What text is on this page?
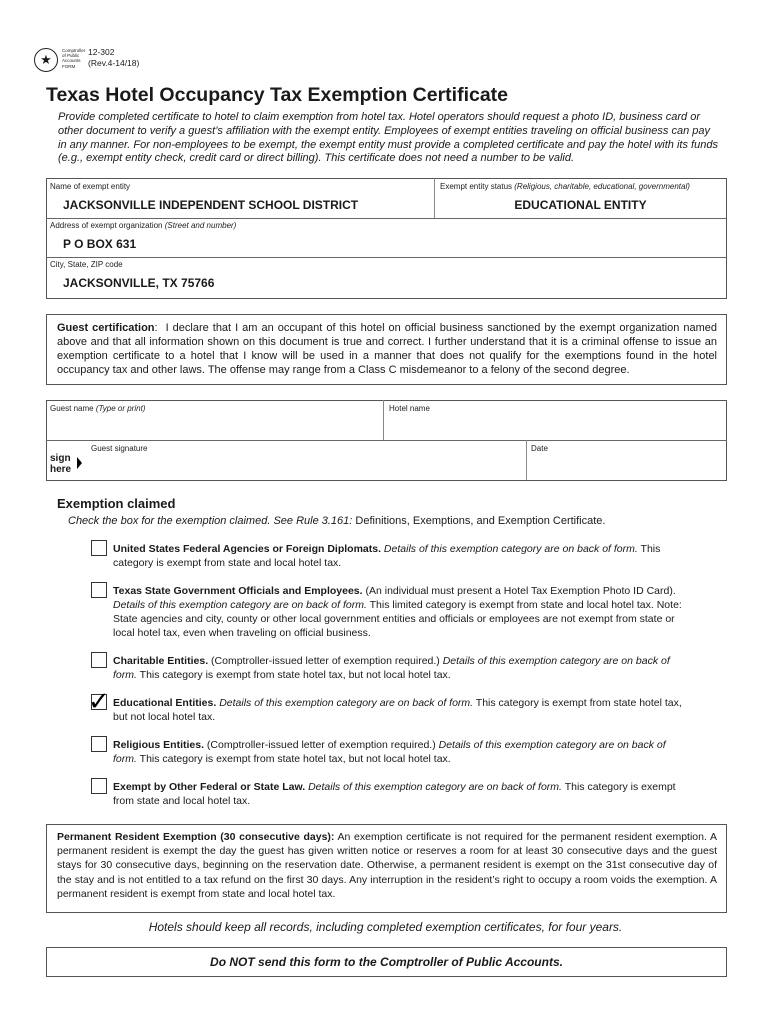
★
Comptroller of Public Accounts FORM
12-302
(Rev.4-14/18)
Texas Hotel Occupancy Tax Exemption Certificate
Provide completed certificate to hotel to claim exemption from hotel tax. Hotel operators should request a photo ID, business card or other document to verify a guest’s affiliation with the exempt entity. Employees of exempt entities traveling on official business can pay in any manner. For non-employees to be exempt, the exempt entity must provide a completed certificate and pay the hotel with its funds (e.g., exempt entity check, credit card or direct billing). This certificate does not need a number to be valid.
Name of exempt entity
JACKSONVILLE INDEPENDENT SCHOOL DISTRICT
Exempt entity status (Religious, charitable, educational, governmental)
EDUCATIONAL ENTITY
Address of exempt organization (Street and number)
P O BOX 631
City, State, ZIP code
JACKSONVILLE, TX 75766
Guest certification:  I declare that I am an occupant of this hotel on official business sanctioned by the exempt organization named above and that all information shown on this document is true and correct. I further understand that it is a criminal offense to issue an exemption certificate to a hotel that I know will be used in a manner that does not qualify for the exemptions found in the hotel occupancy tax and other laws. The offense may range from a Class C misdemeanor to a felony of the second degree.
Guest name (Type or print)	Hotel name
Guest signature	Date
sign
here
Exemption claimed
Check the box for the exemption claimed. See Rule 3.161: Definitions, Exemptions, and Exemption Certificate.
United States Federal Agencies or Foreign Diplomats. Details of this exemption category are on back of form. This category is exempt from state and local hotel tax.
Texas State Government Officials and Employees. (An individual must present a Hotel Tax Exemption Photo ID Card). Details of this exemption category are on back of form. This limited category is exempt from state and local hotel tax. Note: State agencies and city, county or other local government entities and officials or employees are not exempt from state or local hotel tax, even when traveling on official business.
Charitable Entities. (Comptroller-issued letter of exemption required.) Details of this exemption category are on back of form. This category is exempt from state hotel tax, but not local hotel tax.
✓ Educational Entities. Details of this exemption category are on back of form. This category is exempt from state hotel tax, but not local hotel tax.
Religious Entities. (Comptroller-issued letter of exemption required.) Details of this exemption category are on back of form. This category is exempt from state hotel tax, but not local hotel tax.
Exempt by Other Federal or State Law. Details of this exemption category are on back of form. This category is exempt from state and local hotel tax.
Permanent Resident Exemption (30 consecutive days): An exemption certificate is not required for the permanent resident exemption. A permanent resident is exempt the day the guest has given written notice or reserves a room for at least 30 consecutive days and the guest stays for 30 consecutive days, beginning on the reservation date. Otherwise, a permanent resident is exempt on the 31st consecutive day of the stay and is not entitled to a tax refund on the first 30 days. Any interruption in the resident’s right to occupy a room voids the exemption. A permanent resident is exempt from state and local hotel tax.
Hotels should keep all records, including completed exemption certificates, for four years.
Do NOT send this form to the Comptroller of Public Accounts.
